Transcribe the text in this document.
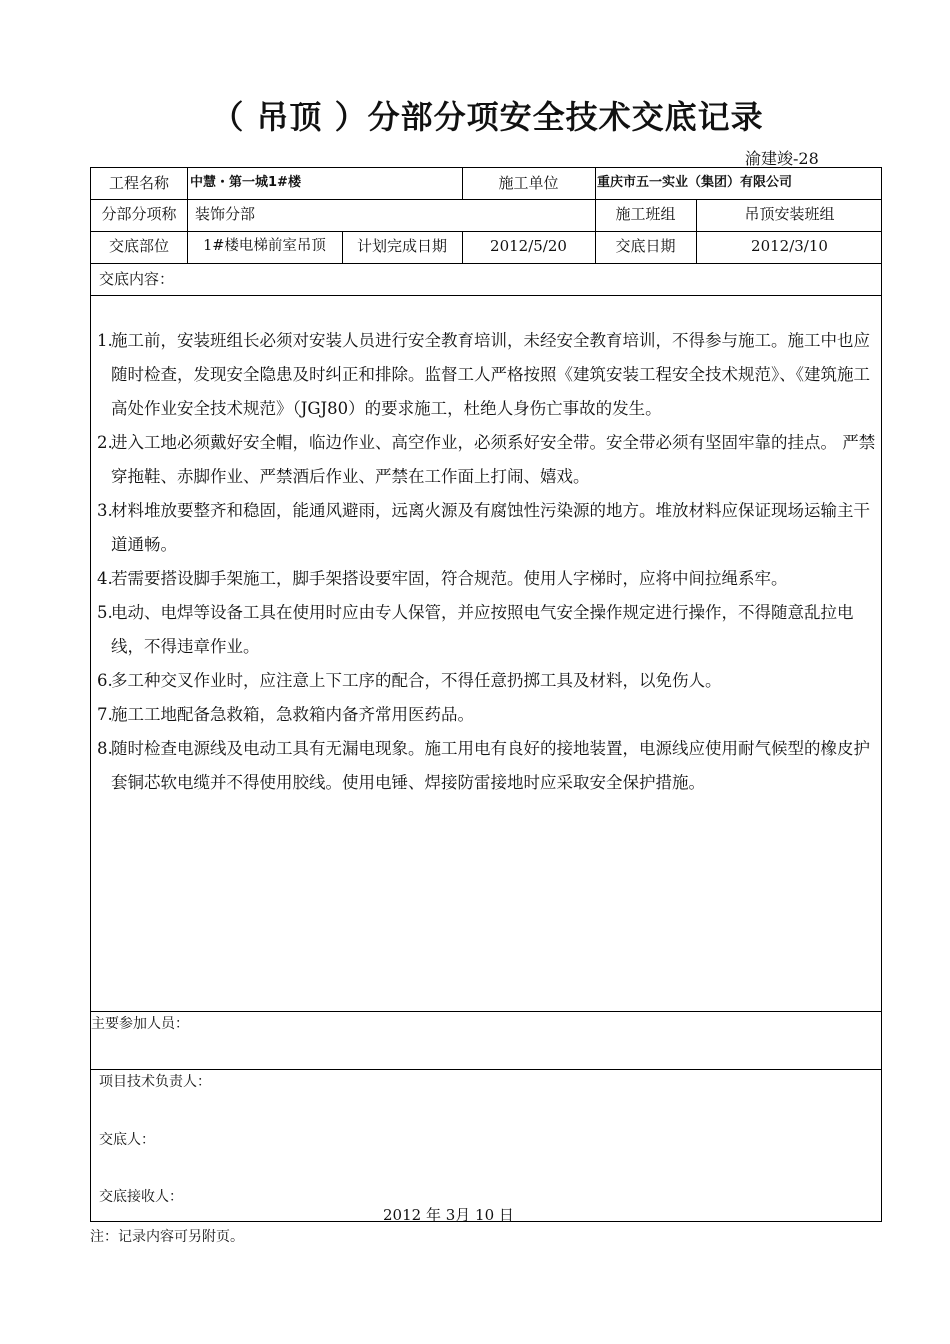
（ 吊顶 ）分部分项安全技术交底记录
渝建竣-28
工程名称	中慧・第一城1#楼	施工单位	重庆市五一实业（集团）有限公司
分部分项称	装饰分部	施工班组	吊顶安装班组
交底部位	1#楼电梯前室吊顶	计划完成日期	2012/5/20	交底日期	2012/3/10
交底内容：
1.
施工前，安装班组长必须对安装人员进行安全教育培训，未经安全教育培训，不得参与施工。施工中也应随时检查，发现安全隐患及时纠正和排除。监督工人严格按照《建筑安装工程安全技术规范》、《建筑施工高处作业安全技术规范》（JGJ80）的要求施工，杜绝人身伤亡事故的发生。
2.
进入工地必须戴好安全帽，临边作业、高空作业，必须系好安全带。安全带必须有坚固牢靠的挂点。 严禁穿拖鞋、赤脚作业、严禁酒后作业、严禁在工作面上打闹、嬉戏。
3.
材料堆放要整齐和稳固，能通风避雨，远离火源及有腐蚀性污染源的地方。堆放材料应保证现场运输主干道通畅。
4.
若需要搭设脚手架施工，脚手架搭设要牢固，符合规范。使用人字梯时，应将中间拉绳系牢。
5.
电动、电焊等设备工具在使用时应由专人保管，并应按照电气安全操作规定进行操作，不得随意乱拉电线，不得违章作业。
6.
多工种交叉作业时，应注意上下工序的配合，不得任意扔掷工具及材料，以免伤人。
7.
施工工地配备急救箱，急救箱内备齐常用医药品。
8.
随时检查电源线及电动工具有无漏电现象。施工用电有良好的接地装置，电源线应使用耐气候型的橡皮护套铜芯软电缆并不得使用胶线。使用电锤、焊接防雷接地时应采取安全保护措施。
主要参加人员：
项目技术负责人：
交底人：
交底接收人：
2012 年 3月 10 日
注：记录内容可另附页。
